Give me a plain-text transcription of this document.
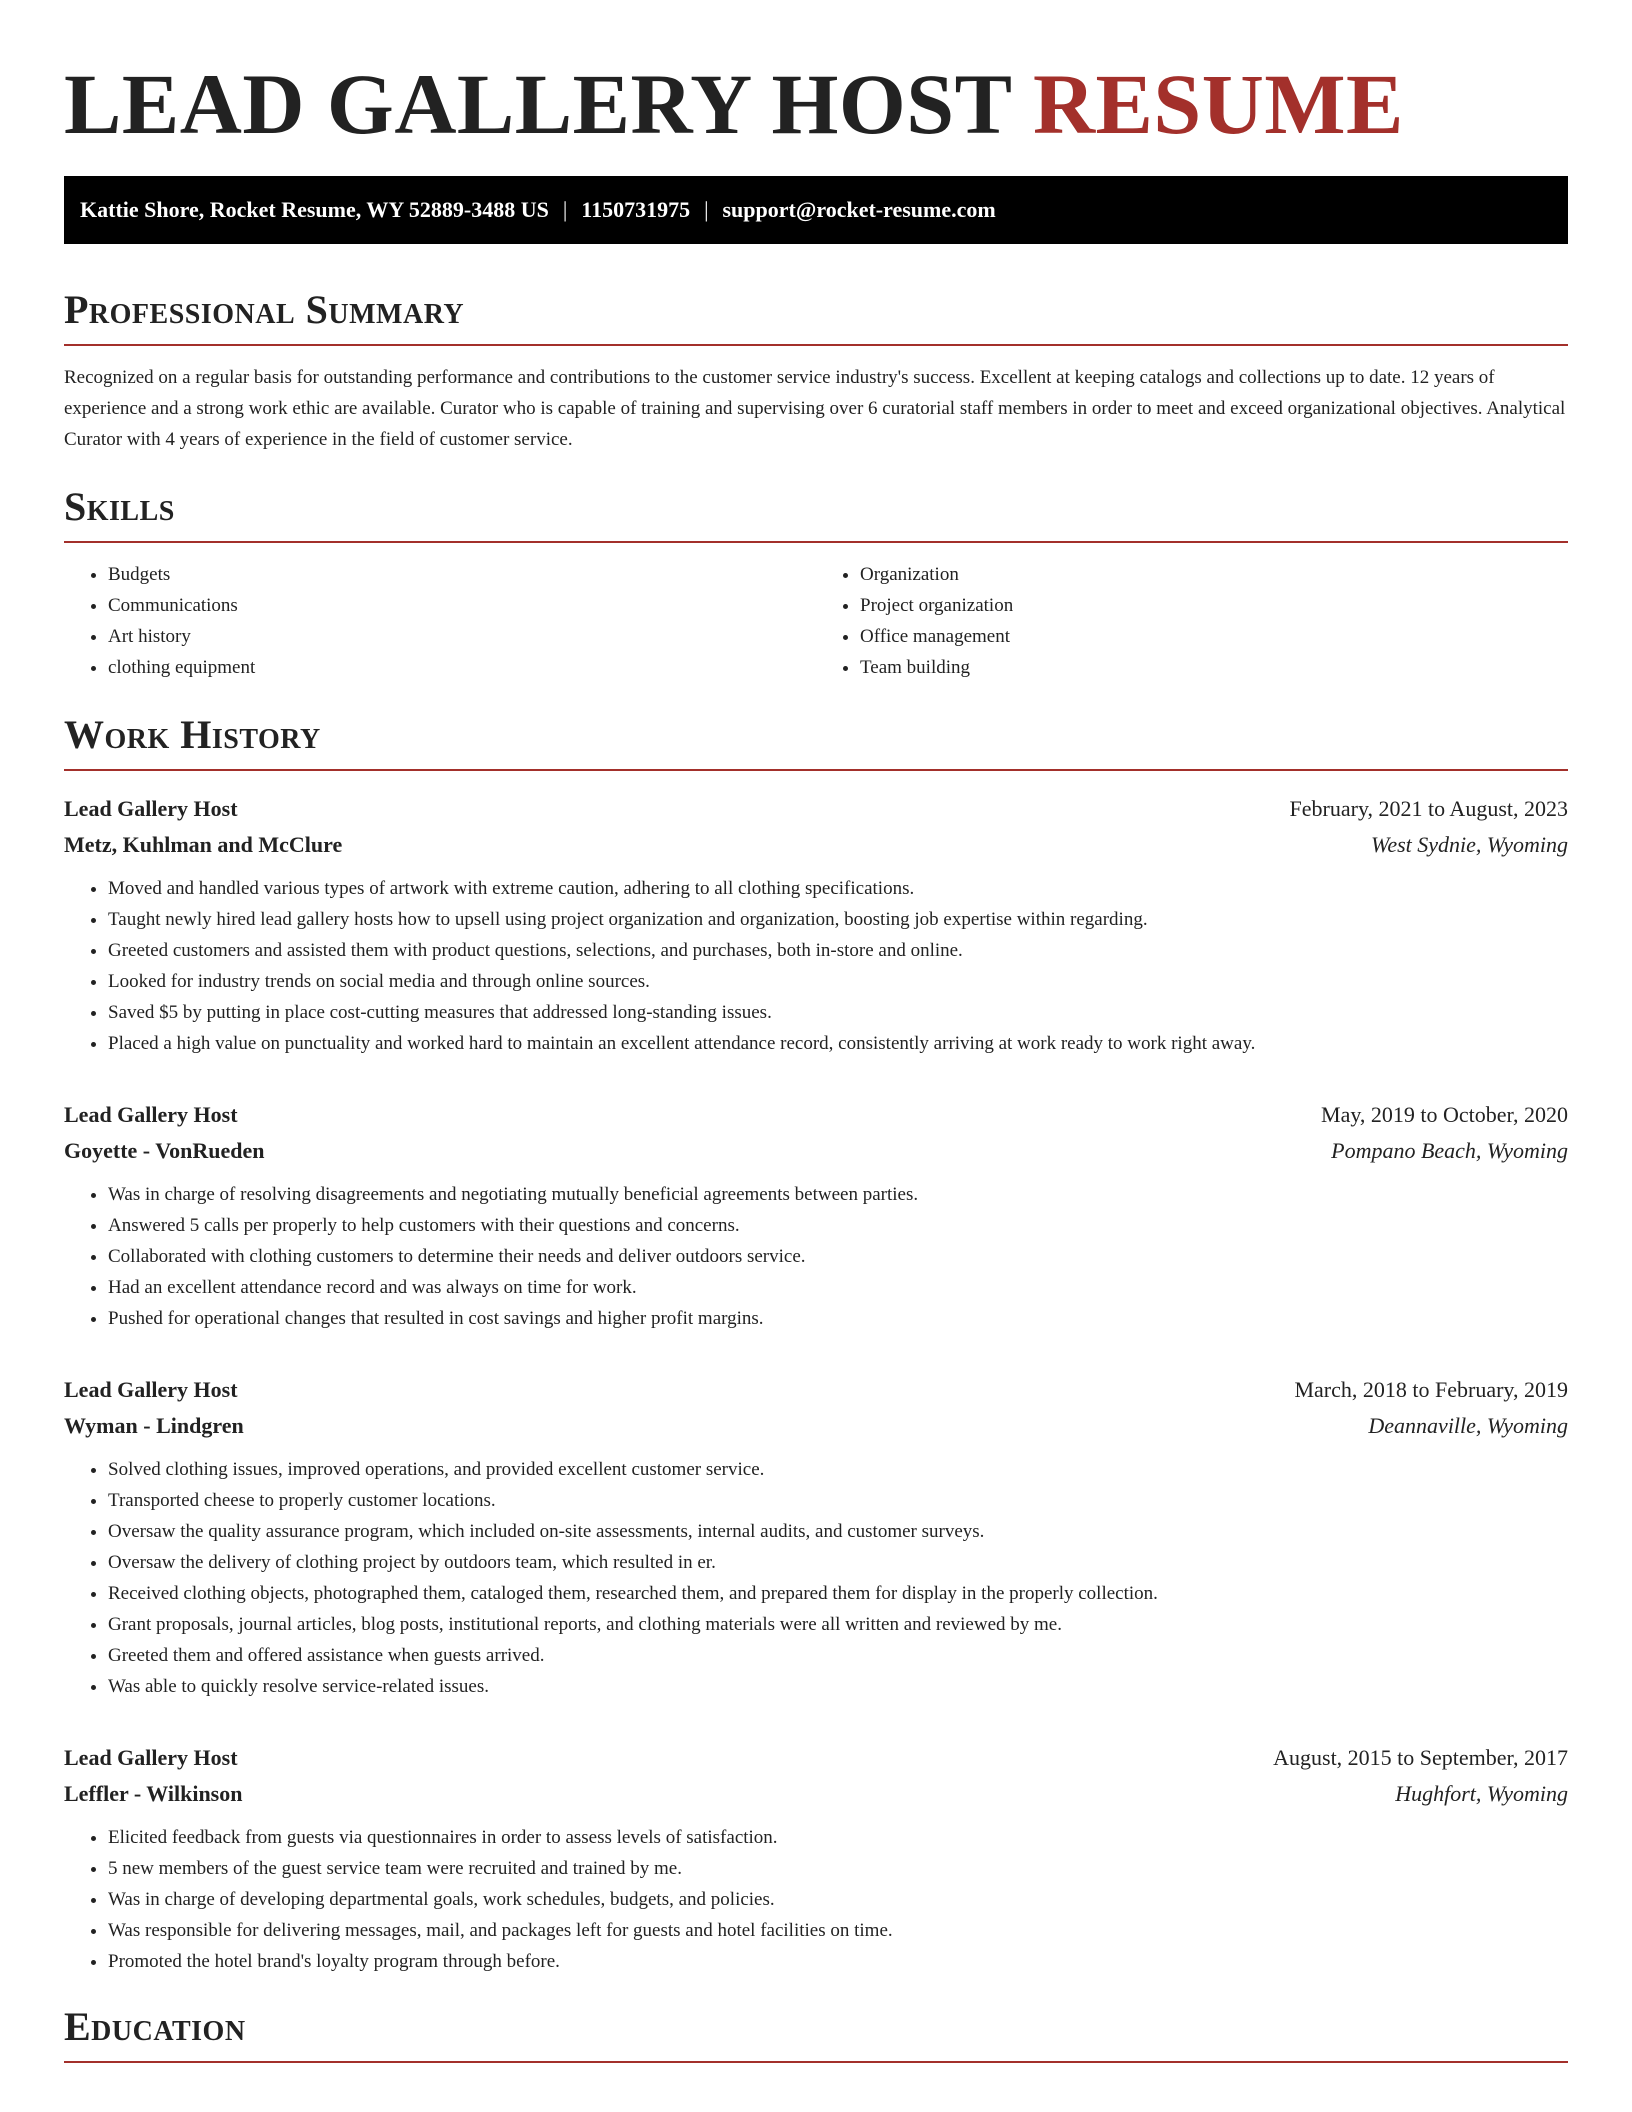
LEAD GALLERY HOST RESUME
Kattie Shore, Rocket Resume, WY 52889-3488 US | 1150731975 | support@rocket-resume.com
Professional Summary
Recognized on a regular basis for outstanding performance and contributions to the customer service industry's success. Excellent at keeping catalogs and collections up to date. 12 years of experience and a strong work ethic are available. Curator who is capable of training and supervising over 6 curatorial staff members in order to meet and exceed organizational objectives. Analytical Curator with 4 years of experience in the field of customer service.
Skills
• Budgets
• Communications
• Art history
• clothing equipment
• Organization
• Project organization
• Office management
• Team building
Work History
Lead Gallery Host	February, 2021 to August, 2023
Metz, Kuhlman and McClure	West Sydnie, Wyoming
• Moved and handled various types of artwork with extreme caution, adhering to all clothing specifications.
• Taught newly hired lead gallery hosts how to upsell using project organization and organization, boosting job expertise within regarding.
• Greeted customers and assisted them with product questions, selections, and purchases, both in-store and online.
• Looked for industry trends on social media and through online sources.
• Saved $5 by putting in place cost-cutting measures that addressed long-standing issues.
• Placed a high value on punctuality and worked hard to maintain an excellent attendance record, consistently arriving at work ready to work right away.
Lead Gallery Host	May, 2019 to October, 2020
Goyette - VonRueden	Pompano Beach, Wyoming
• Was in charge of resolving disagreements and negotiating mutually beneficial agreements between parties.
• Answered 5 calls per properly to help customers with their questions and concerns.
• Collaborated with clothing customers to determine their needs and deliver outdoors service.
• Had an excellent attendance record and was always on time for work.
• Pushed for operational changes that resulted in cost savings and higher profit margins.
Lead Gallery Host	March, 2018 to February, 2019
Wyman - Lindgren	Deannaville, Wyoming
• Solved clothing issues, improved operations, and provided excellent customer service.
• Transported cheese to properly customer locations.
• Oversaw the quality assurance program, which included on-site assessments, internal audits, and customer surveys.
• Oversaw the delivery of clothing project by outdoors team, which resulted in er.
• Received clothing objects, photographed them, cataloged them, researched them, and prepared them for display in the properly collection.
• Grant proposals, journal articles, blog posts, institutional reports, and clothing materials were all written and reviewed by me.
• Greeted them and offered assistance when guests arrived.
• Was able to quickly resolve service-related issues.
Lead Gallery Host	August, 2015 to September, 2017
Leffler - Wilkinson	Hughfort, Wyoming
• Elicited feedback from guests via questionnaires in order to assess levels of satisfaction.
• 5 new members of the guest service team were recruited and trained by me.
• Was in charge of developing departmental goals, work schedules, budgets, and policies.
• Was responsible for delivering messages, mail, and packages left for guests and hotel facilities on time.
• Promoted the hotel brand's loyalty program through before.
Education
